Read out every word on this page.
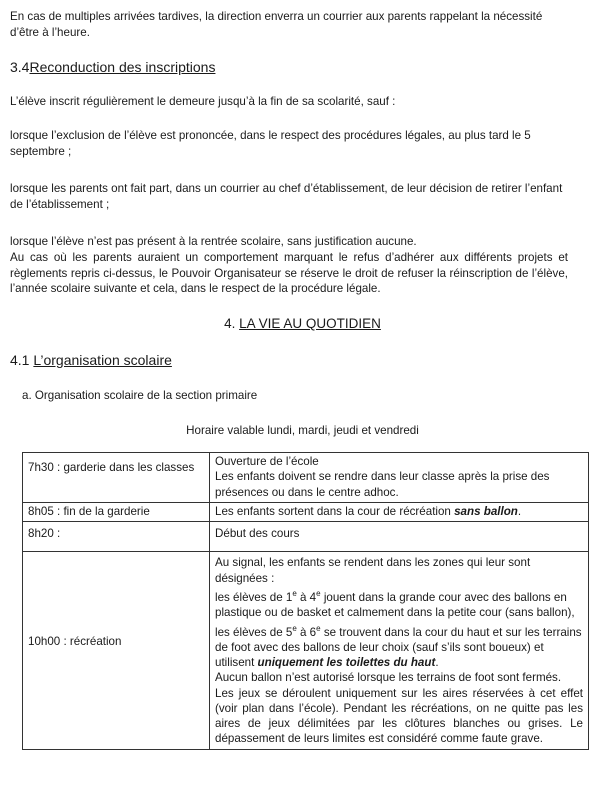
En cas de multiples arrivées tardives, la direction enverra un courrier aux parents rappelant la nécessité d’être à l’heure.

3.4Reconduction des inscriptions

L’élève inscrit régulièrement le demeure jusqu’à la fin de sa scolarité, sauf :

lorsque l’exclusion de l’élève est prononcée, dans le respect des procédures légales, au plus tard le 5 septembre ;

lorsque les parents ont fait part, dans un courrier au chef d’établissement, de leur décision de retirer l’enfant de l’établissement ;

lorsque l’élève n’est pas présent à la rentrée scolaire, sans justification aucune.

Au cas où les parents auraient un comportement marquant le refus d’adhérer aux différents projets et règlements repris ci-dessus, le Pouvoir Organisateur se réserve le droit de refuser la réinscription de l’élève, l’année scolaire suivante et cela, dans le respect de la procédure légale.

4. LA VIE AU QUOTIDIEN

4.1 L’organisation scolaire

a. Organisation scolaire de la section primaire

Horaire valable lundi, mardi, jeudi et vendredi

7h30 : garderie dans les classes	Ouverture de l’école
Les enfants doivent se rendre dans leur classe après la prise des présences ou dans le centre adhoc.

8h05 : fin de la garderie	Les enfants sortent dans la cour de récréation sans ballon.
8h20 :	Début des cours
10h00 : récréation	Au signal, les enfants se rendent dans les zones qui leur sont désignées :
les élèves de 1e à 4e jouent dans la grande cour avec des ballons en plastique ou de basket et calmement dans la petite cour (sans ballon),
les élèves de 5e à 6e se trouvent dans la cour du haut et sur les terrains de foot avec des ballons de leur choix (sauf s’ils sont boueux) et utilisent uniquement les toilettes du haut.
Aucun ballon n’est autorisé lorsque les terrains de foot sont fermés.
Les jeux se déroulent uniquement sur les aires réservées à cet effet (voir plan dans l’école). Pendant les récréations, on ne quitte pas les aires de jeux délimitées par les clôtures blanches ou grises. Le dépassement de leurs limites est considéré comme faute grave.
